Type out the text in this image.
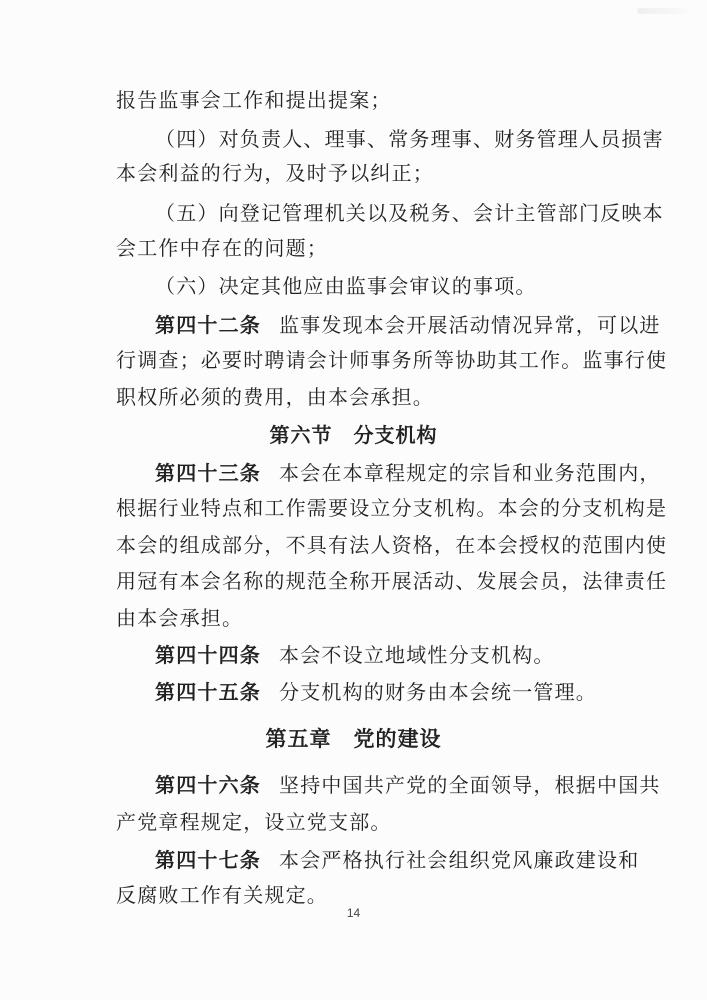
报告监事会工作和提出提案；
（四）对负责人、理事、常务理事、财务管理人员损害
本会利益的行为，及时予以纠正；
（五）向登记管理机关以及税务、会计主管部门反映本
会工作中存在的问题；
（六）决定其他应由监事会审议的事项。
第四十二条 监事发现本会开展活动情况异常，可以进
行调查；必要时聘请会计师事务所等协助其工作。监事行使
职权所必须的费用，由本会承担。
第六节　分支机构
第四十三条 本会在本章程规定的宗旨和业务范围内，
根据行业特点和工作需要设立分支机构。本会的分支机构是
本会的组成部分，不具有法人资格，在本会授权的范围内使
用冠有本会名称的规范全称开展活动、发展会员，法律责任
由本会承担。
第四十四条 本会不设立地域性分支机构。
第四十五条 分支机构的财务由本会统一管理。
第五章　党的建设
第四十六条 坚持中国共产党的全面领导，根据中国共
产党章程规定，设立党支部。
第四十七条 本会严格执行社会组织党风廉政建设和
反腐败工作有关规定。
14
